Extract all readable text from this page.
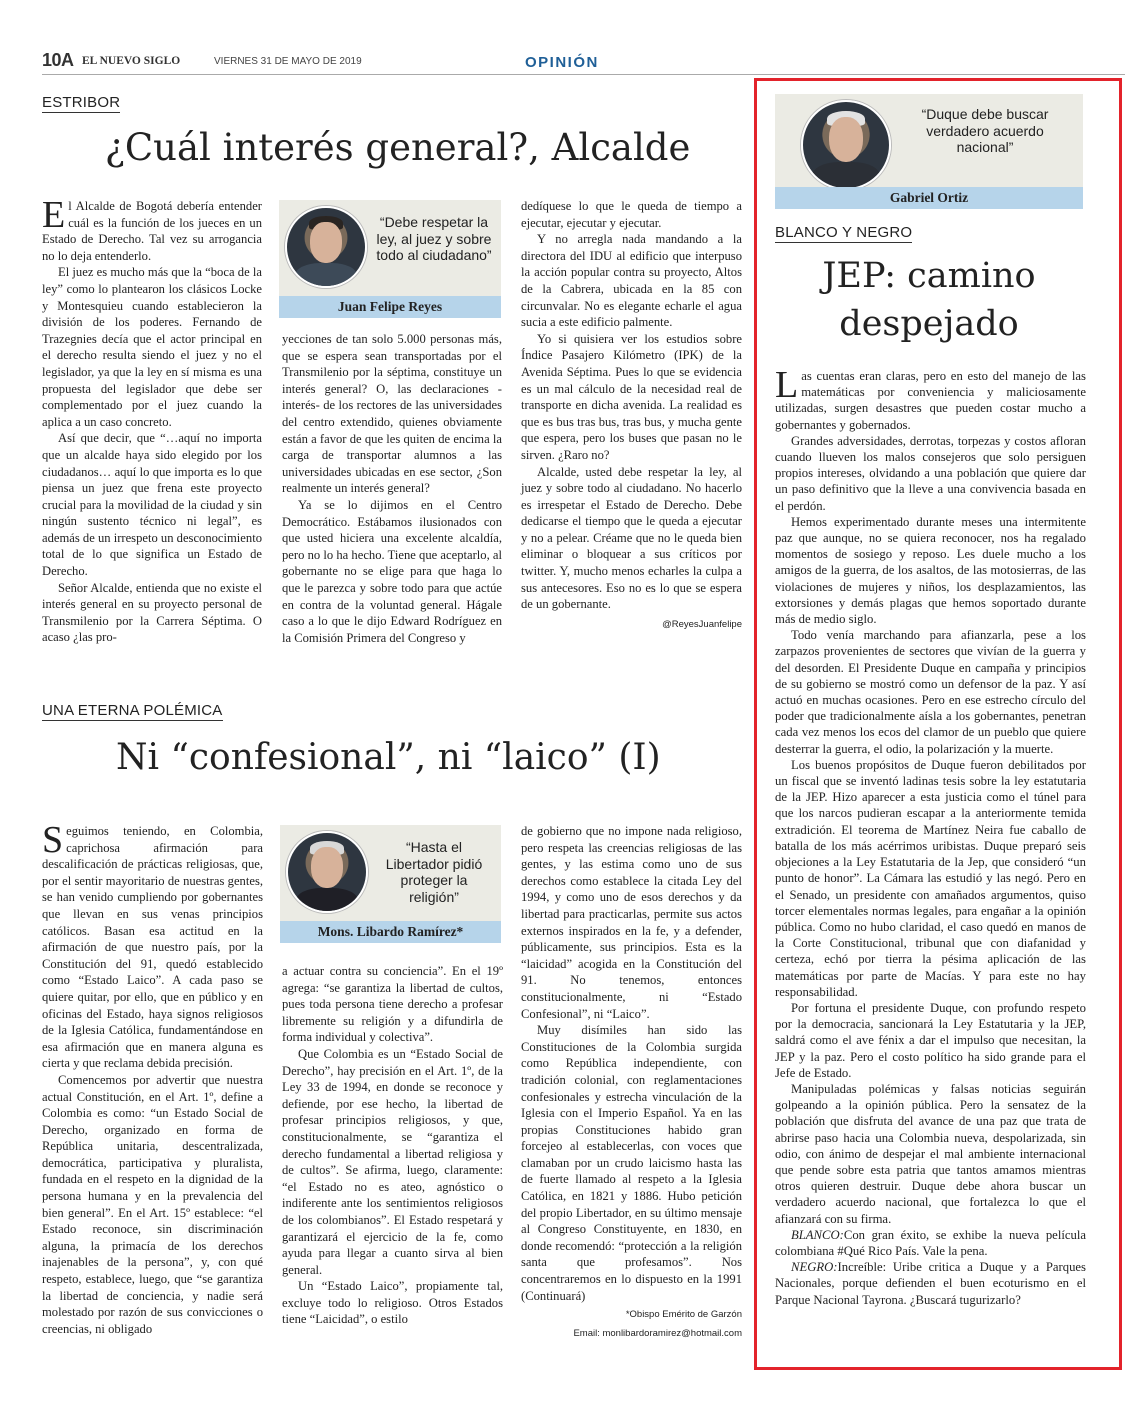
10A EL NUEVO SIGLO	VIERNES 31 DE MAYO DE 2019	OPINIÓN
ESTRIBOR
¿Cuál interés general?, Alcalde

El Alcalde de Bogotá debería entender cuál es la función de los jueces en un Estado de Derecho. Tal vez su arrogancia no lo deja entenderlo.

El juez es mucho más que la “boca de la ley” como lo plantearon los clásicos Locke y Montesquieu cuando establecieron la división de los poderes. Fernando de Trazegnies decía que el actor principal en el derecho resulta siendo el juez y no el legislador, ya que la ley en sí misma es una propuesta del legislador que debe ser complementado por el juez cuando la aplica a un caso concreto.

Así que decir, que “…aquí no importa que un alcalde haya sido elegido por los ciudadanos… aquí lo que importa es lo que piensa un juez que frena este proyecto crucial para la movilidad de la ciudad y sin ningún sustento técnico ni legal”, es además de un irrespeto un desconocimiento total de lo que significa un Estado de Derecho.

Señor Alcalde, entienda que no existe el interés general en su proyecto personal de Transmilenio por la Carrera Séptima. O acaso ¿las pro-

“Debe respetar la ley, al juez y sobre todo al ciudadano”
Juan Felipe Reyes

yecciones de tan solo 5.000 personas más, que se espera sean transportadas por el Transmilenio por la séptima, constituye un interés general? O, las declaraciones -interés- de los rectores de las universidades del centro extendido, quienes obviamente están a favor de que les quiten de encima la carga de transportar alumnos a las universidades ubicadas en ese sector, ¿Son realmente un interés general?

Ya se lo dijimos en el Centro Democrático. Estábamos ilusionados con que usted hiciera una excelente alcaldía, pero no lo ha hecho. Tiene que aceptarlo, al gobernante no se elige para que haga lo que le parezca y sobre todo para que actúe en contra de la voluntad general. Hágale caso a lo que le dijo Edward Rodríguez en la Comisión Primera del Congreso y

dedíquese lo que le queda de tiempo a ejecutar, ejecutar y ejecutar.

Y no arregla nada mandando a la directora del IDU al edificio que interpuso la acción popular contra su proyecto, Altos de la Cabrera, ubicada en la 85 con circunvalar. No es elegante echarle el agua sucia a este edificio palmente.

Yo si quisiera ver los estudios sobre Índice Pasajero Kilómetro (IPK) de la Avenida Séptima. Pues lo que se evidencia es un mal cálculo de la necesidad real de transporte en dicha avenida. La realidad es que es bus tras bus, tras bus, y mucha gente que espera, pero los buses que pasan no le sirven. ¿Raro no?

Alcalde, usted debe respetar la ley, al juez y sobre todo al ciudadano. No hacerlo es irrespetar el Estado de Derecho. Debe dedicarse el tiempo que le queda a ejecutar y no a pelear. Créame que no le queda bien eliminar o bloquear a sus críticos por twitter. Y, mucho menos echarles la culpa a sus antecesores. Eso no es lo que se espera de un gobernante.

@ReyesJuanfelipe

UNA ETERNA POLÉMICA
Ni “confesional”, ni “laico” (I)

Seguimos teniendo, en Colombia, caprichosa afirmación para descalificación de prácticas religiosas, que, por el sentir mayoritario de nuestras gentes, se han venido cumpliendo por gobernantes que llevan en sus venas principios católicos. Basan esa actitud en la afirmación de que nuestro país, por la Constitución del 91, quedó establecido como “Estado Laico”. A cada paso se quiere quitar, por ello, que en público y en oficinas del Estado, haya signos religiosos de la Iglesia Católica, fundamentándose en esa afirmación que en manera alguna es cierta y que reclama debida precisión.

Comencemos por advertir que nuestra actual Constitución, en el Art. 1º, define a Colombia es como: “un Estado Social de Derecho, organizado en forma de República unitaria, descentralizada, democrática, participativa y pluralista, fundada en el respeto en la dignidad de la persona humana y en la prevalencia del bien general”. En el Art. 15º establece: “el Estado reconoce, sin discriminación alguna, la primacía de los derechos inajenables de la persona”, y, con qué respeto, establece, luego, que “se garantiza la libertad de conciencia, y nadie será molestado por razón de sus convicciones o creencias, ni obligado

“Hasta el Libertador pidió proteger la religión”
Mons. Libardo Ramírez*

a actuar contra su conciencia”. En el 19º agrega: “se garantiza la libertad de cultos, pues toda persona tiene derecho a profesar libremente su religión y a difundirla de forma individual y colectiva”.

Que Colombia es un “Estado Social de Derecho”, hay precisión en el Art. 1º, de la Ley 33 de 1994, en donde se reconoce y defiende, por ese hecho, la libertad de profesar principios religiosos, y que, constitucionalmente, se “garantiza el derecho fundamental a libertad religiosa y de cultos”. Se afirma, luego, claramente: “el Estado no es ateo, agnóstico o indiferente ante los sentimientos religiosos de los colombianos”. El Estado respetará y garantizará el ejercicio de la fe, como ayuda para llegar a cuanto sirva al bien general.

Un “Estado Laico”, propiamente tal, excluye todo lo religioso. Otros Estados tiene “Laicidad”, o estilo

de gobierno que no impone nada religioso, pero respeta las creencias religiosas de las gentes, y las estima como uno de sus derechos como establece la citada Ley del 1994, y como uno de esos derechos y da libertad para practicarlas, permite sus actos externos inspirados en la fe, y a defender, públicamente, sus principios. Esta es la “laicidad” acogida en la Constitución del 91. No tenemos, entonces constitucionalmente, ni “Estado Confesional”, ni “Laico”.

Muy disímiles han sido las Constituciones de la Colombia surgida como República independiente, con tradición colonial, con reglamentaciones confesionales y estrecha vinculación de la Iglesia con el Imperio Español. Ya en las propias Constituciones habido gran forcejeo al establecerlas, con voces que clamaban por un crudo laicismo hasta las de fuerte llamado al respeto a la Iglesia Católica, en 1821 y 1886. Hubo petición del propio Libertador, en su último mensaje al Congreso Constituyente, en 1830, en donde recomendó: “protección a la religión santa que profesamos”. Nos concentraremos en lo dispuesto en la 1991 (Continuará)

*Obispo Emérito de Garzón

Email: monlibardoramirez@hotmail.com

“Duque debe buscar verdadero acuerdo nacional”
Gabriel Ortiz
BLANCO Y NEGRO
JEP: camino
despejado

Las cuentas eran claras, pero en esto del manejo de las matemáticas por conveniencia y maliciosamente utilizadas, surgen desastres que pueden costar mucho a gobernantes y gobernados.

Grandes adversidades, derrotas, torpezas y costos afloran cuando llueven los malos consejeros que solo persiguen propios intereses, olvidando a una población que quiere dar un paso definitivo que la lleve a una convivencia basada en el perdón.

Hemos experimentado durante meses una intermitente paz que aunque, no se quiera reconocer, nos ha regalado momentos de sosiego y reposo. Les duele mucho a los amigos de la guerra, de los asaltos, de las motosierras, de las violaciones de mujeres y niños, los desplazamientos, las extorsiones y demás plagas que hemos soportado durante más de medio siglo.

Todo venía marchando para afianzarla, pese a los zarpazos provenientes de sectores que vivían de la guerra y del desorden. El Presidente Duque en campaña y principios de su gobierno se mostró como un defensor de la paz. Y así actuó en muchas ocasiones. Pero en ese estrecho círculo del poder que tradicionalmente aísla a los gobernantes, penetran cada vez menos los ecos del clamor de un pueblo que quiere desterrar la guerra, el odio, la polarización y la muerte.

Los buenos propósitos de Duque fueron debilitados por un fiscal que se inventó ladinas tesis sobre la ley estatutaria de la JEP. Hizo aparecer a esta justicia como el túnel para que los narcos pudieran escapar a la anteriormente temida extradición. El teorema de Martínez Neira fue caballo de batalla de los más acérrimos uribistas. Duque preparó seis objeciones a la Ley Estatutaria de la Jep, que consideró “un punto de honor”. La Cámara las estudió y las negó. Pero en el Senado, un presidente con amañados argumentos, quiso torcer elementales normas legales, para engañar a la opinión pública. Como no hubo claridad, el caso quedó en manos de la Corte Constitucional, tribunal que con diafanidad y certeza, echó por tierra la pésima aplicación de las matemáticas por parte de Macías. Y para este no hay responsabilidad.

Por fortuna el presidente Duque, con profundo respeto por la democracia, sancionará la Ley Estatutaria y la JEP, saldrá como el ave fénix a dar el impulso que necesitan, la JEP y la paz. Pero el costo político ha sido grande para el Jefe de Estado.

Manipuladas polémicas y falsas noticias seguirán golpeando a la opinión pública. Pero la sensatez de la población que disfruta del avance de una paz que trata de abrirse paso hacia una Colombia nueva, despolarizada, sin odio, con ánimo de despejar el mal ambiente internacional que pende sobre esta patria que tantos amamos mientras otros quieren destruir. Duque debe ahora buscar un verdadero acuerdo nacional, que fortalezca lo que el afianzará con su firma.

BLANCO:Con gran éxito, se exhibe la nueva película colombiana #Qué Rico País. Vale la pena.

NEGRO:Increíble: Uribe critica a Duque y a Parques Nacionales, porque defienden el buen ecoturismo en el Parque Nacional Tayrona. ¿Buscará tugurizarlo?
